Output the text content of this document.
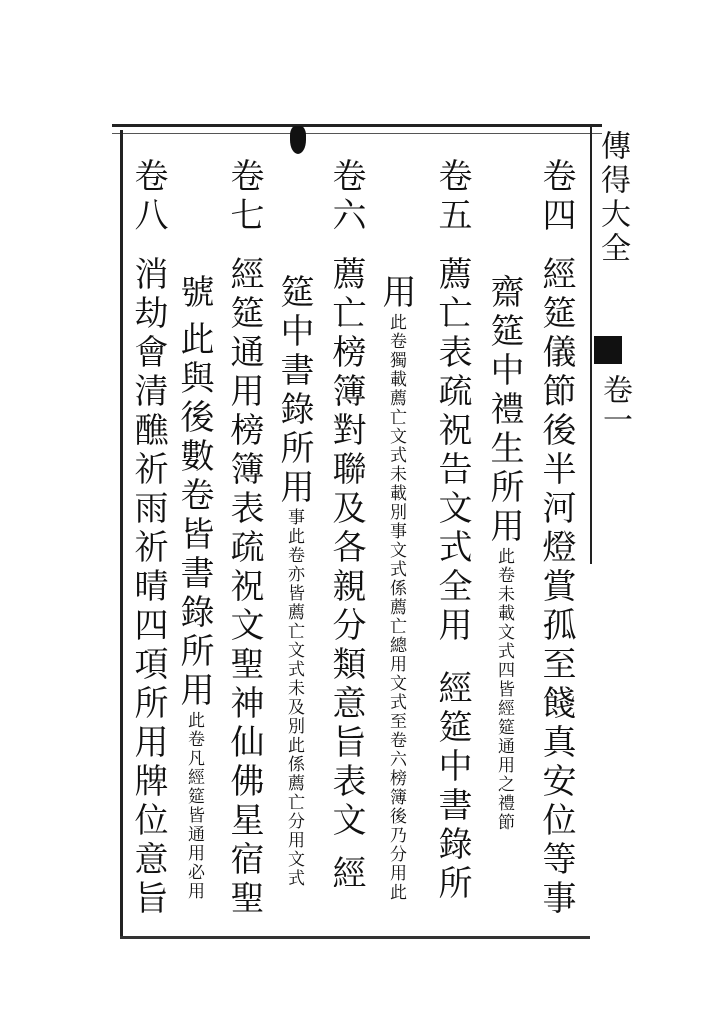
傳得大全
卷一
卷四經筵儀節後半河燈賞孤至餞真安位等事
齋筵中禮生所用此卷未載文式四皆經筵通用之禮節
卷五薦亡表疏祝告文式全用經筵中書錄所
用此卷獨載薦亡文式未載別事文式係薦亡總用文式至卷六榜簿後乃分用此
卷六薦亡榜簿對聯及各親分類意旨表文經
筵中書錄所用事此卷亦皆薦亡文式未及別此係薦亡分用文式
卷七經筵通用榜簿表疏祝文聖神仙佛星宿聖
號此與後數卷皆書錄所用此卷凡經筵皆通用必用
卷八消劫會清醮祈雨祈晴四項所用牌位意旨
